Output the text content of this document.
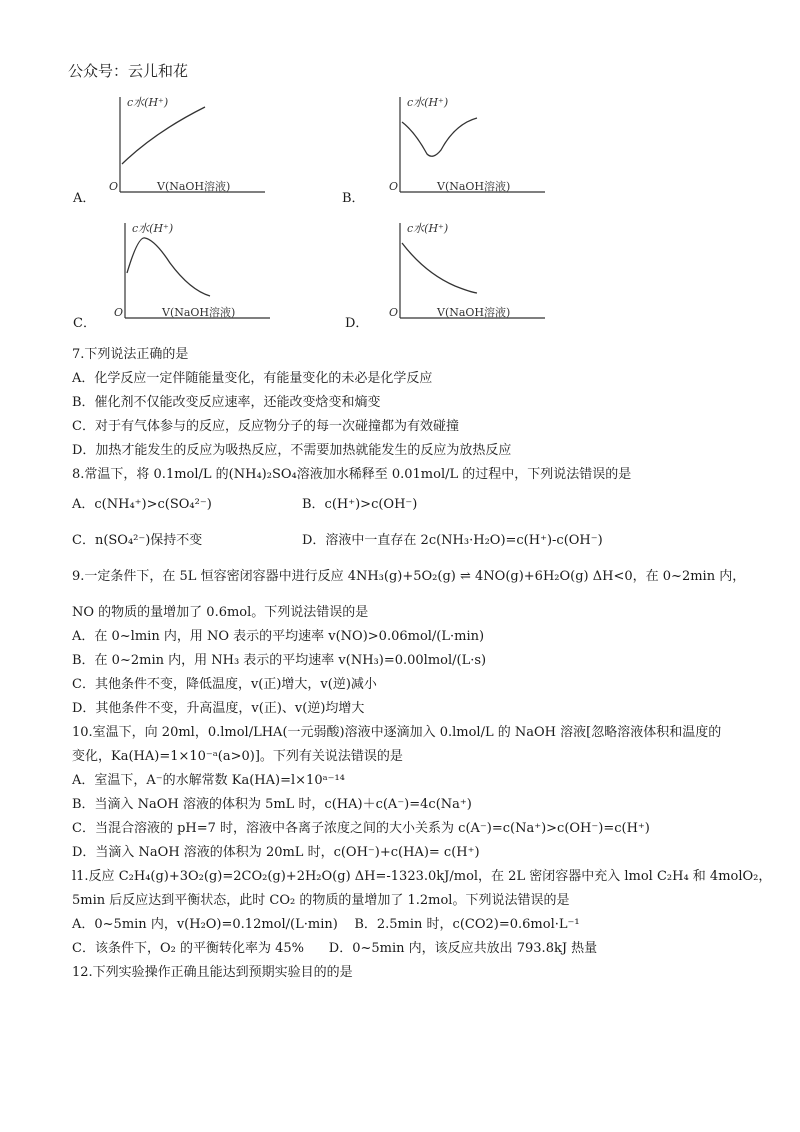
公众号：云儿和花
c水(H⁺)
O	V(NaOH溶液)
A．
c水(H⁺)
O	V(NaOH溶液)
B．
c水(H⁺)
O	V(NaOH溶液)
C．
c水(H⁺)
O	V(NaOH溶液)
D．
7.下列说法正确的是
A．化学反应一定伴随能量变化，有能量变化的未必是化学反应
B．催化剂不仅能改变反应速率，还能改变焓变和熵变
C．对于有气体参与的反应，反应物分子的每一次碰撞都为有效碰撞
D．加热才能发生的反应为吸热反应，不需要加热就能发生的反应为放热反应
8.常温下，将 0.1mol/L 的(NH₄)₂SO₄溶液加水稀释至 0.01mol/L 的过程中，下列说法错误的是
A．c(NH₄⁺)>c(SO₄²⁻)	B．c(H⁺)>c(OH⁻)
C．n(SO₄²⁻)保持不变	D．溶液中一直存在 2c(NH₃·H₂O)=c(H⁺)-c(OH⁻)
9.一定条件下，在 5L 恒容密闭容器中进行反应 4NH₃(g)+5O₂(g) ⇌ 4NO(g)+6H₂O(g) ΔH<0，在 0~2min 内，
NO 的物质的量增加了 0.6mol。下列说法错误的是
A．在 0~lmin 内，用 NO 表示的平均速率 v(NO)>0.06mol/(L·min)
B．在 0~2min 内，用 NH₃ 表示的平均速率 v(NH₃)=0.00lmol/(L·s)
C．其他条件不变，降低温度，v(正)增大，v(逆)减小
D．其他条件不变，升高温度，v(正)、v(逆)均增大
10.室温下，向 20ml，0.lmol/LHA(一元弱酸)溶液中逐滴加入 0.lmol/L 的 NaOH 溶液[忽略溶液体积和温度的
变化，Ka(HA)=1×10⁻ᵃ(a>0)]。下列有关说法错误的是
A．室温下，A⁻的水解常数 Ka(HA)=l×10ᵃ⁻¹⁴
B．当滴入 NaOH 溶液的体积为 5mL 时，c(HA)＋c(A⁻)=4c(Na⁺)
C．当混合溶液的 pH=7 时，溶液中各离子浓度之间的大小关系为 c(A⁻)=c(Na⁺)>c(OH⁻)=c(H⁺)
D．当滴入 NaOH 溶液的体积为 20mL 时，c(OH⁻)+c(HA)= c(H⁺)
l1.反应 C₂H₄(g)+3O₂(g)=2CO₂(g)+2H₂O(g) ΔH=-1323.0kJ/mol，在 2L 密闭容器中充入 lmol C₂H₄ 和 4molO₂，
5min 后反应达到平衡状态，此时 CO₂ 的物质的量增加了 1.2mol。下列说法错误的是
A．0~5min 内，v(H₂O)=0.12mol/(L·min)    B．2.5min 时，c(CO2)=0.6mol·L⁻¹
C．该条件下，O₂ 的平衡转化率为 45%      D．0~5min 内，该反应共放出 793.8kJ 热量
12.下列实验操作正确且能达到预期实验目的的是
